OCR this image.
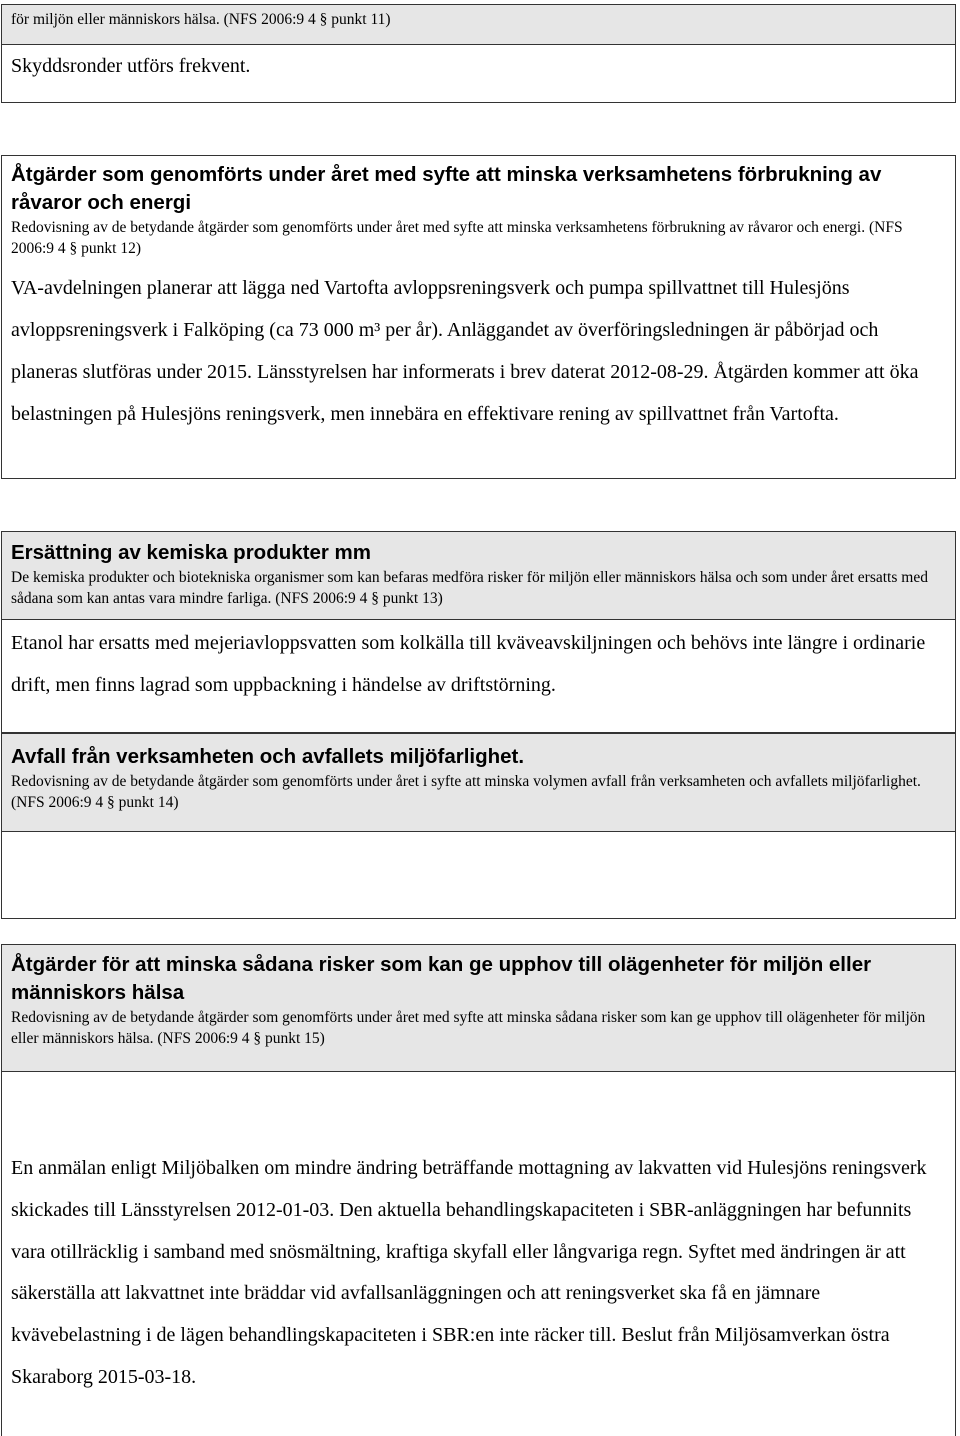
för miljön eller människors hälsa. (NFS 2006:9 4 § punkt 11)

Skyddsronder utförs frekvent.

Åtgärder som genomförts under året med syfte att minska verksamhetens förbrukning av råvaror och energi

Redovisning av de betydande åtgärder som genomförts under året med syfte att minska verksamhetens förbrukning av råvaror och energi. (NFS 2006:9 4 § punkt 12)

VA-avdelningen planerar att lägga ned Vartofta avloppsreningsverk och pumpa spillvattnet till Hulesjöns avloppsreningsverk i Falköping (ca 73 000 m³ per år). Anläggandet av överföringsledningen är påbörjad och planeras slutföras under 2015. Länsstyrelsen har informerats i brev daterat 2012-08-29. Åtgärden kommer att öka belastningen på Hulesjöns reningsverk, men innebära en effektivare rening av spillvattnet från Vartofta.

Ersättning av kemiska produkter mm

De kemiska produkter och biotekniska organismer som kan befaras medföra risker för miljön eller människors hälsa och som under året ersatts med sådana som kan antas vara mindre farliga. (NFS 2006:9 4 § punkt 13)

Etanol har ersatts med mejeriavloppsvatten som kolkälla till kväveavskiljningen och behövs inte längre i ordinarie drift, men finns lagrad som uppbackning i händelse av driftstörning.

Avfall från verksamheten och avfallets miljöfarlighet.

Redovisning av de betydande åtgärder som genomförts under året i syfte att minska volymen avfall från verksamheten och avfallets miljöfarlighet. (NFS 2006:9 4 § punkt 14)

Åtgärder för att minska sådana risker som kan ge upphov till olägenheter för miljön eller människors hälsa

Redovisning av de betydande åtgärder som genomförts under året med syfte att minska sådana risker som kan ge upphov till olägenheter för miljön eller människors hälsa. (NFS 2006:9 4 § punkt 15)

En anmälan enligt Miljöbalken om mindre ändring beträffande mottagning av lakvatten vid Hulesjöns reningsverk skickades till Länsstyrelsen 2012-01-03. Den aktuella behandlingskapaciteten i SBR-anläggningen har befunnits vara otillräcklig i samband med snösmältning, kraftiga skyfall eller långvariga regn. Syftet med ändringen är att säkerställa att lakvattnet inte bräddar vid avfallsanläggningen och att reningsverket ska få en jämnare kvävebelastning i de lägen behandlingskapaciteten i SBR:en inte räcker till. Beslut från Miljösamverkan östra Skaraborg 2015-03-18.
